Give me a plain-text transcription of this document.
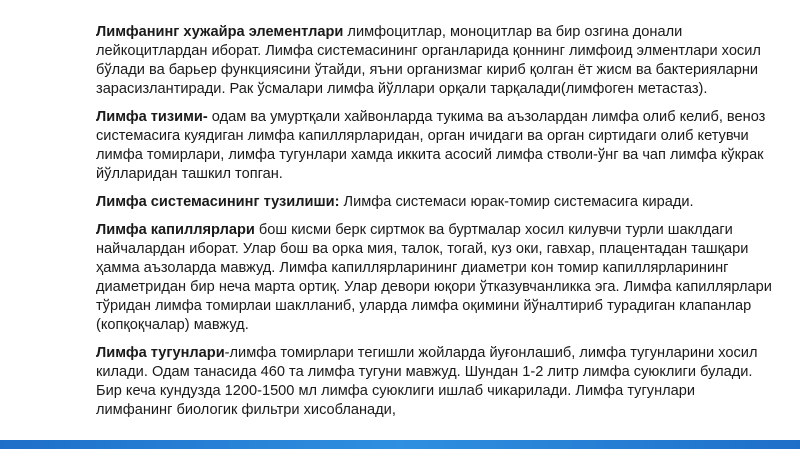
Лимфанинг хужайра элементлари лимфоцитлар, моноцитлар ва бир озгина донали лейкоцитлардан иборат. Лимфа системасининг органларида қоннинг лимфоид элментлари хосил бўлади ва барьер функциясини ўтайди, яъни организмаг кириб қолган ёт жисм ва бактерияларни зарасизлантиради. Рак ўсмалари лимфа йўллари орқали тарқалади(лимфоген метастаз).

Лимфа тизими- одам ва умуртқали хайвонларда тукима ва аъзолардан лимфа олиб келиб, веноз системасига куядиган лимфа капиллярларидан, орган ичидаги ва орган сиртидаги олиб кетувчи лимфа томирлари, лимфа тугунлари хамда иккита асосий лимфа стволи-ўнг ва чап лимфа кўкрак йўлларидан ташкил топган.

Лимфа системасининг тузилиши: Лимфа системаси юрак-томир системасига киради.

Лимфа капиллярлари бош кисми берк сиртмок ва буртмалар хосил килувчи турли шаклдаги найчалардан иборат. Улар бош ва орка мия, талок, тогай, куз оки, гавхар, плацентадан ташқари ҳамма аъзоларда мавжуд. Лимфа капиллярларининг диаметри кон томир капиллярларининг диаметридан бир неча марта ортиқ. Улар девори юқори ўтказувчанликка эга. Лимфа капиллярлари тўридан лимфа томирлаи шаклланиб, уларда лимфа оқимини йўналтириб турадиган клапанлар (копқоқчалар) мавжуд.

Лимфа тугунлари-лимфа томирлари тегишли жойларда йуғонлашиб, лимфа тугунларини хосил килади. Одам танасида 460 та лимфа тугуни мавжуд. Шундан 1-2 литр лимфа суюклиги булади. Бир кеча кундузда 1200-1500 мл лимфа суюклиги ишлаб чикарилади. Лимфа тугунлари лимфанинг биологик фильтри хисобланади,
